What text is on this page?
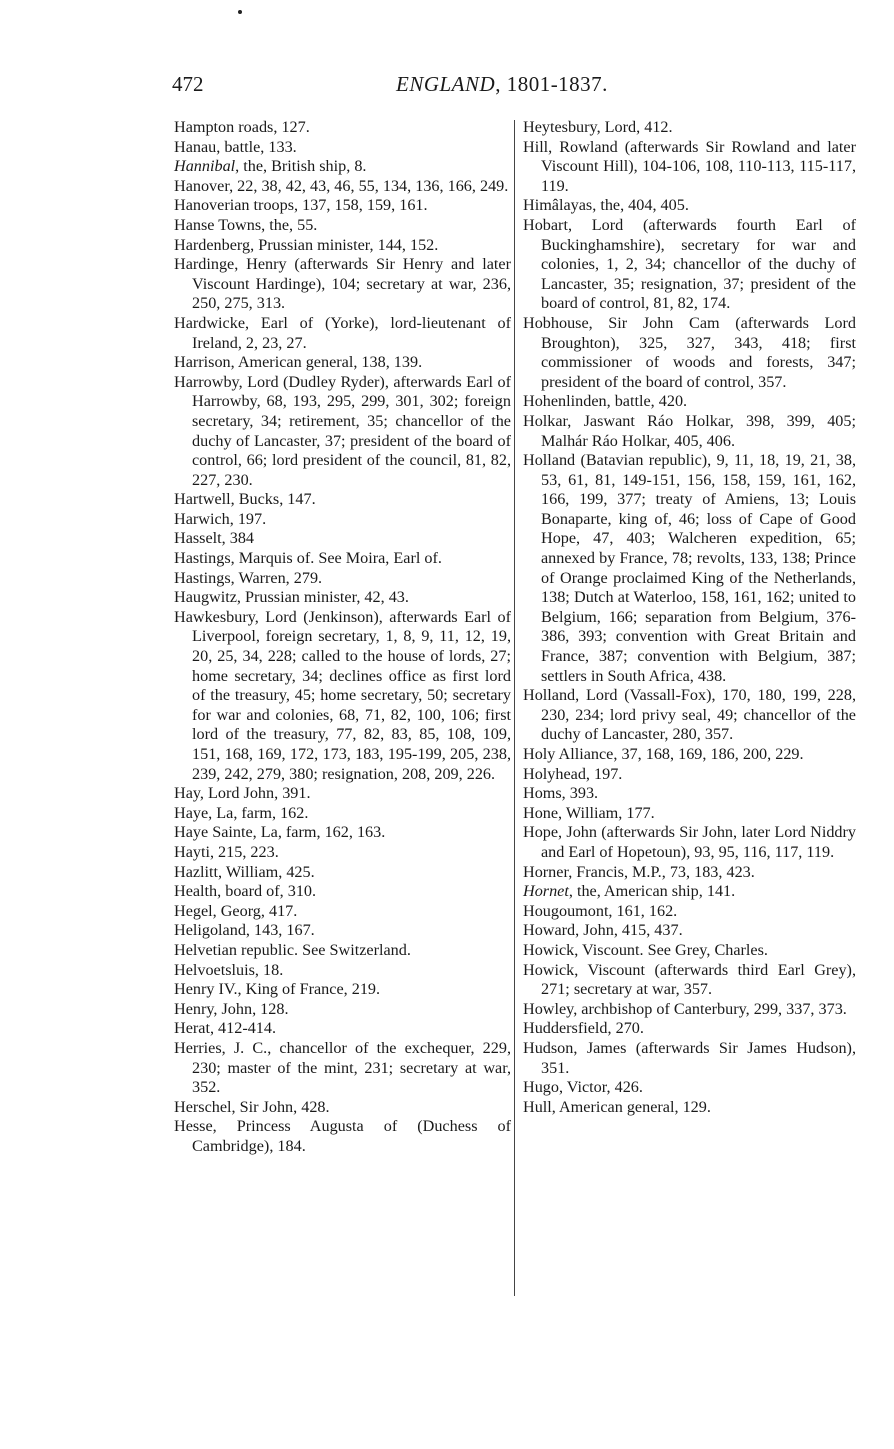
472	ENGLAND, 1801-1837.

Hampton roads, 127.

Hanau, battle, 133.

Hannibal, the, British ship, 8.

Hanover, 22, 38, 42, 43, 46, 55, 134, 136, 166, 249.

Hanoverian troops, 137, 158, 159, 161.

Hanse Towns, the, 55.

Hardenberg, Prussian minister, 144, 152.

Hardinge, Henry (afterwards Sir Henry and later Viscount Hardinge), 104; secretary at war, 236, 250, 275, 313.

Hardwicke, Earl of (Yorke), lord-lieutenant of Ireland, 2, 23, 27.

Harrison, American general, 138, 139.

Harrowby, Lord (Dudley Ryder), afterwards Earl of Harrowby, 68, 193, 295, 299, 301, 302; foreign secretary, 34; retirement, 35; chancellor of the duchy of Lancaster, 37; president of the board of control, 66; lord president of the council, 81, 82, 227, 230.

Hartwell, Bucks, 147.

Harwich, 197.

Hasselt, 384

Hastings, Marquis of. See Moira, Earl of.

Hastings, Warren, 279.

Haugwitz, Prussian minister, 42, 43.

Hawkesbury, Lord (Jenkinson), afterwards Earl of Liverpool, foreign secretary, 1, 8, 9, 11, 12, 19, 20, 25, 34, 228; called to the house of lords, 27; home secretary, 34; declines office as first lord of the treasury, 45; home secretary, 50; secretary for war and colonies, 68, 71, 82, 100, 106; first lord of the treasury, 77, 82, 83, 85, 108, 109, 151, 168, 169, 172, 173, 183, 195-199, 205, 238, 239, 242, 279, 380; resignation, 208, 209, 226.

Hay, Lord John, 391.

Haye, La, farm, 162.

Haye Sainte, La, farm, 162, 163.

Hayti, 215, 223.

Hazlitt, William, 425.

Health, board of, 310.

Hegel, Georg, 417.

Heligoland, 143, 167.

Helvetian republic. See Switzerland.

Helvoetsluis, 18.

Henry IV., King of France, 219.

Henry, John, 128.

Herat, 412-414.

Herries, J. C., chancellor of the exchequer, 229, 230; master of the mint, 231; secretary at war, 352.

Herschel, Sir John, 428.

Hesse, Princess Augusta of (Duchess of Cambridge), 184.

Heytesbury, Lord, 412.

Hill, Rowland (afterwards Sir Rowland and later Viscount Hill), 104-106, 108, 110-113, 115-117, 119.

Himâlayas, the, 404, 405.

Hobart, Lord (afterwards fourth Earl of Buckinghamshire), secretary for war and colonies, 1, 2, 34; chancellor of the duchy of Lancaster, 35; resignation, 37; president of the board of control, 81, 82, 174.

Hobhouse, Sir John Cam (afterwards Lord Broughton), 325, 327, 343, 418; first commissioner of woods and forests, 347; president of the board of control, 357.

Hohenlinden, battle, 420.

Holkar, Jaswant Ráo Holkar, 398, 399, 405; Malhár Ráo Holkar, 405, 406.

Holland (Batavian republic), 9, 11, 18, 19, 21, 38, 53, 61, 81, 149-151, 156, 158, 159, 161, 162, 166, 199, 377; treaty of Amiens, 13; Louis Bonaparte, king of, 46; loss of Cape of Good Hope, 47, 403; Walcheren expedition, 65; annexed by France, 78; revolts, 133, 138; Prince of Orange proclaimed King of the Netherlands, 138; Dutch at Waterloo, 158, 161, 162; united to Belgium, 166; separation from Belgium, 376-386, 393; convention with Great Britain and France, 387; convention with Belgium, 387; settlers in South Africa, 438.

Holland, Lord (Vassall-Fox), 170, 180, 199, 228, 230, 234; lord privy seal, 49; chancellor of the duchy of Lancaster, 280, 357.

Holy Alliance, 37, 168, 169, 186, 200, 229.

Holyhead, 197.

Homs, 393.

Hone, William, 177.

Hope, John (afterwards Sir John, later Lord Niddry and Earl of Hopetoun), 93, 95, 116, 117, 119.

Horner, Francis, M.P., 73, 183, 423.

Hornet, the, American ship, 141.

Hougoumont, 161, 162.

Howard, John, 415, 437.

Howick, Viscount. See Grey, Charles.

Howick, Viscount (afterwards third Earl Grey), 271; secretary at war, 357.

Howley, archbishop of Canterbury, 299, 337, 373.

Huddersfield, 270.

Hudson, James (afterwards Sir James Hudson), 351.

Hugo, Victor, 426.

Hull, American general, 129.
